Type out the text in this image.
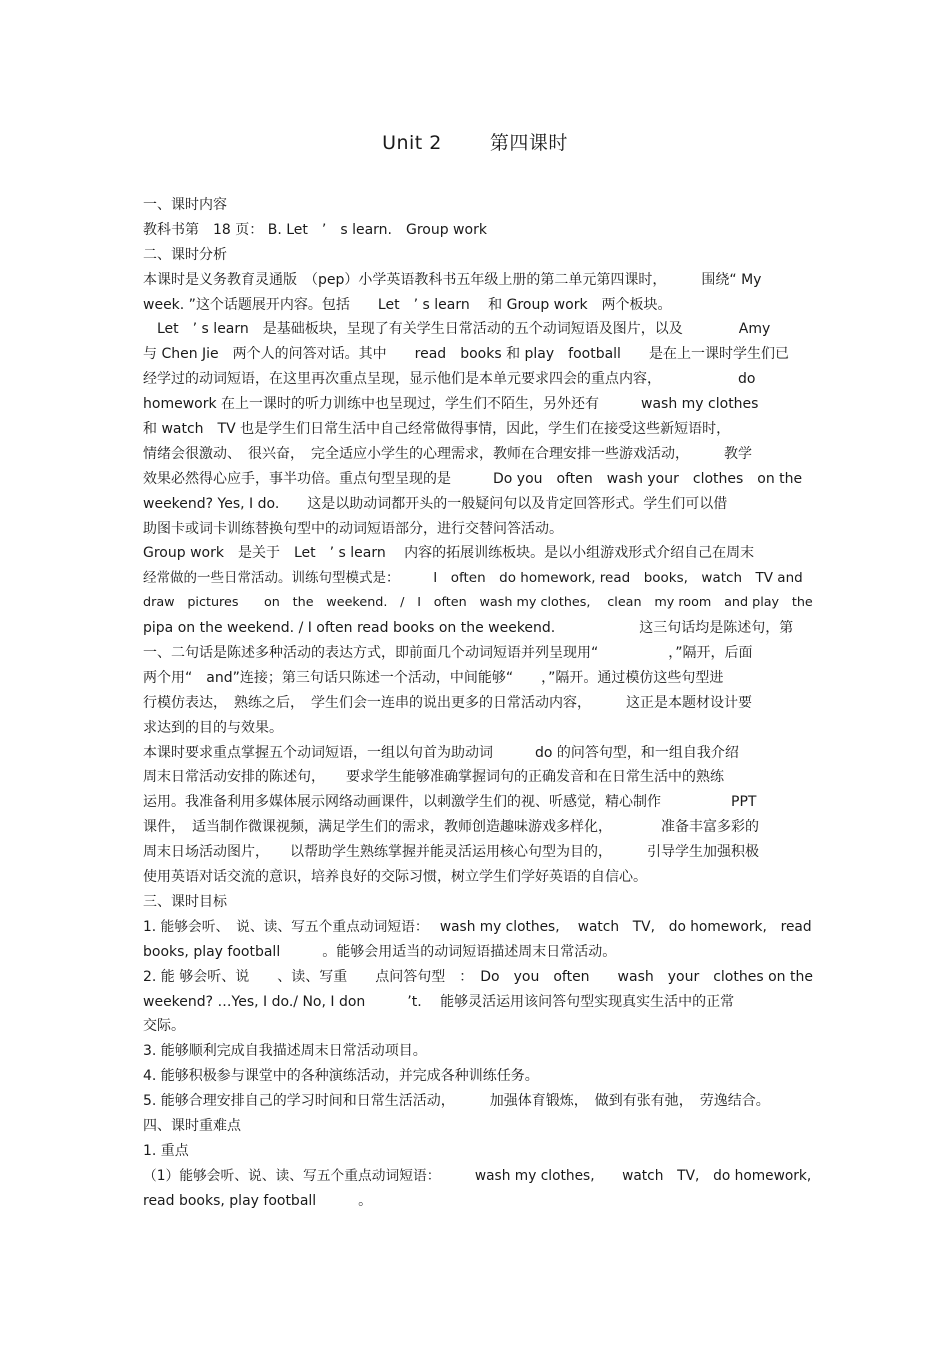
Unit 2	第四课时
一、课时内容
教科书第　18 页： B. Let　’　s learn.　Group work
二、课时分析
本课时是义务教育灵通版　（pep）小学英语教科书五年级上册的第二单元第四课时，　　　围绕“ My
week. ”这个话题展开内容。包括　　Let　’ s learn　 和 Group work　两个板块。
　Let　’ s learn　是基础板块，呈现了有关学生日常活动的五个动词短语及图片，以及　　　　Amy
与 Chen Jie　两个人的问答对话。其中　　read　books 和 play　football　　是在上一课时学生们已
经学过的动词短语，在这里再次重点呈现，显示他们是本单元要求四会的重点内容，　　　　　　do
homework 在上一课时的听力训练中也呈现过，学生们不陌生，另外还有　　　wash my clothes
和 watch　TV 也是学生们日常生活中自己经常做得事情，因此，学生们在接受这些新短语时，
情绪会很激动、　很兴奋，　完全适应小学生的心理需求，教师在合理安排一些游戏活动，　　　教学
效果必然得心应手，事半功倍。重点句型呈现的是　　　Do you　often　wash your　clothes　on the
weekend? Yes, I do.　　这是以助动词都开头的一般疑问句以及肯定回答形式。学生们可以借
助图卡或词卡训练替换句型中的动词短语部分，进行交替问答活动。
Group work　是关于　Let　’ s learn　 内容的拓展训练板块。是以小组游戏形式介绍自己在周末
经常做的一些日常活动。训练句型模式是：　　　I　often　do homework, read　books,　watch　TV and
draw　pictures　　on　the　weekend.　/　I　often　wash my clothes,　 clean　my room　and play　the
pipa on the weekend. / I often read books on the weekend.　　　　　　这三句话均是陈述句，第
一、二句话是陈述多种活动的表达方式，即前面几个动词短语并列呈现用“　　　　　，”隔开，后面
两个用“　and”连接；第三句话只陈述一个活动，中间能够“　　，”隔开。通过模仿这些句型进
行模仿表达，　熟练之后，　学生们会一连串的说出更多的日常活动内容，　　　这正是本题材设计要
求达到的目的与效果。
本课时要求重点掌握五个动词短语，一组以句首为助动词　　　do 的问答句型，和一组自我介绍
周末日常活动安排的陈述句，　　要求学生能够准确掌握词句的正确发音和在日常生活中的熟练
运用。我准备利用多媒体展示网络动画课件，以刺激学生们的视、听感觉，精心制作　　　　　PPT
课件，　适当制作微课视频，满足学生们的需求，教师创造趣味游戏多样化，　　　　准备丰富多彩的
周末日场活动图片，　　以帮助学生熟练掌握并能灵活运用核心句型为目的，　　　引导学生加强积极
使用英语对话交流的意识，培养良好的交际习惯，树立学生们学好英语的自信心。
三、课时目标
1. 能够会听、　说、读、写五个重点动词短语：　 wash my clothes,　 watch　TV,　do homework,　read
books, play football　　　。能够会用适当的动词短语描述周末日常活动。
2. 能 够会听、说　　、读、写重　　点问答句型　：　Do　you　often　　wash　your　clothes on the
weekend? …Yes, I do./ No, I don　　　’t.　 能够灵活运用该问答句型实现真实生活中的正常
交际。
3. 能够顺利完成自我描述周末日常活动项目。
4. 能够积极参与课堂中的各种演练活动，并完成各种训练任务。
5. 能够合理安排自己的学习时间和日常生活活动，　　　加强体育锻炼，　做到有张有弛，　劳逸结合。
四、课时重难点
1. 重点
（1）能够会听、说、读、写五个重点动词短语：　　　wash my clothes,　　watch　TV,　do homework,
read books, play football　　　。
